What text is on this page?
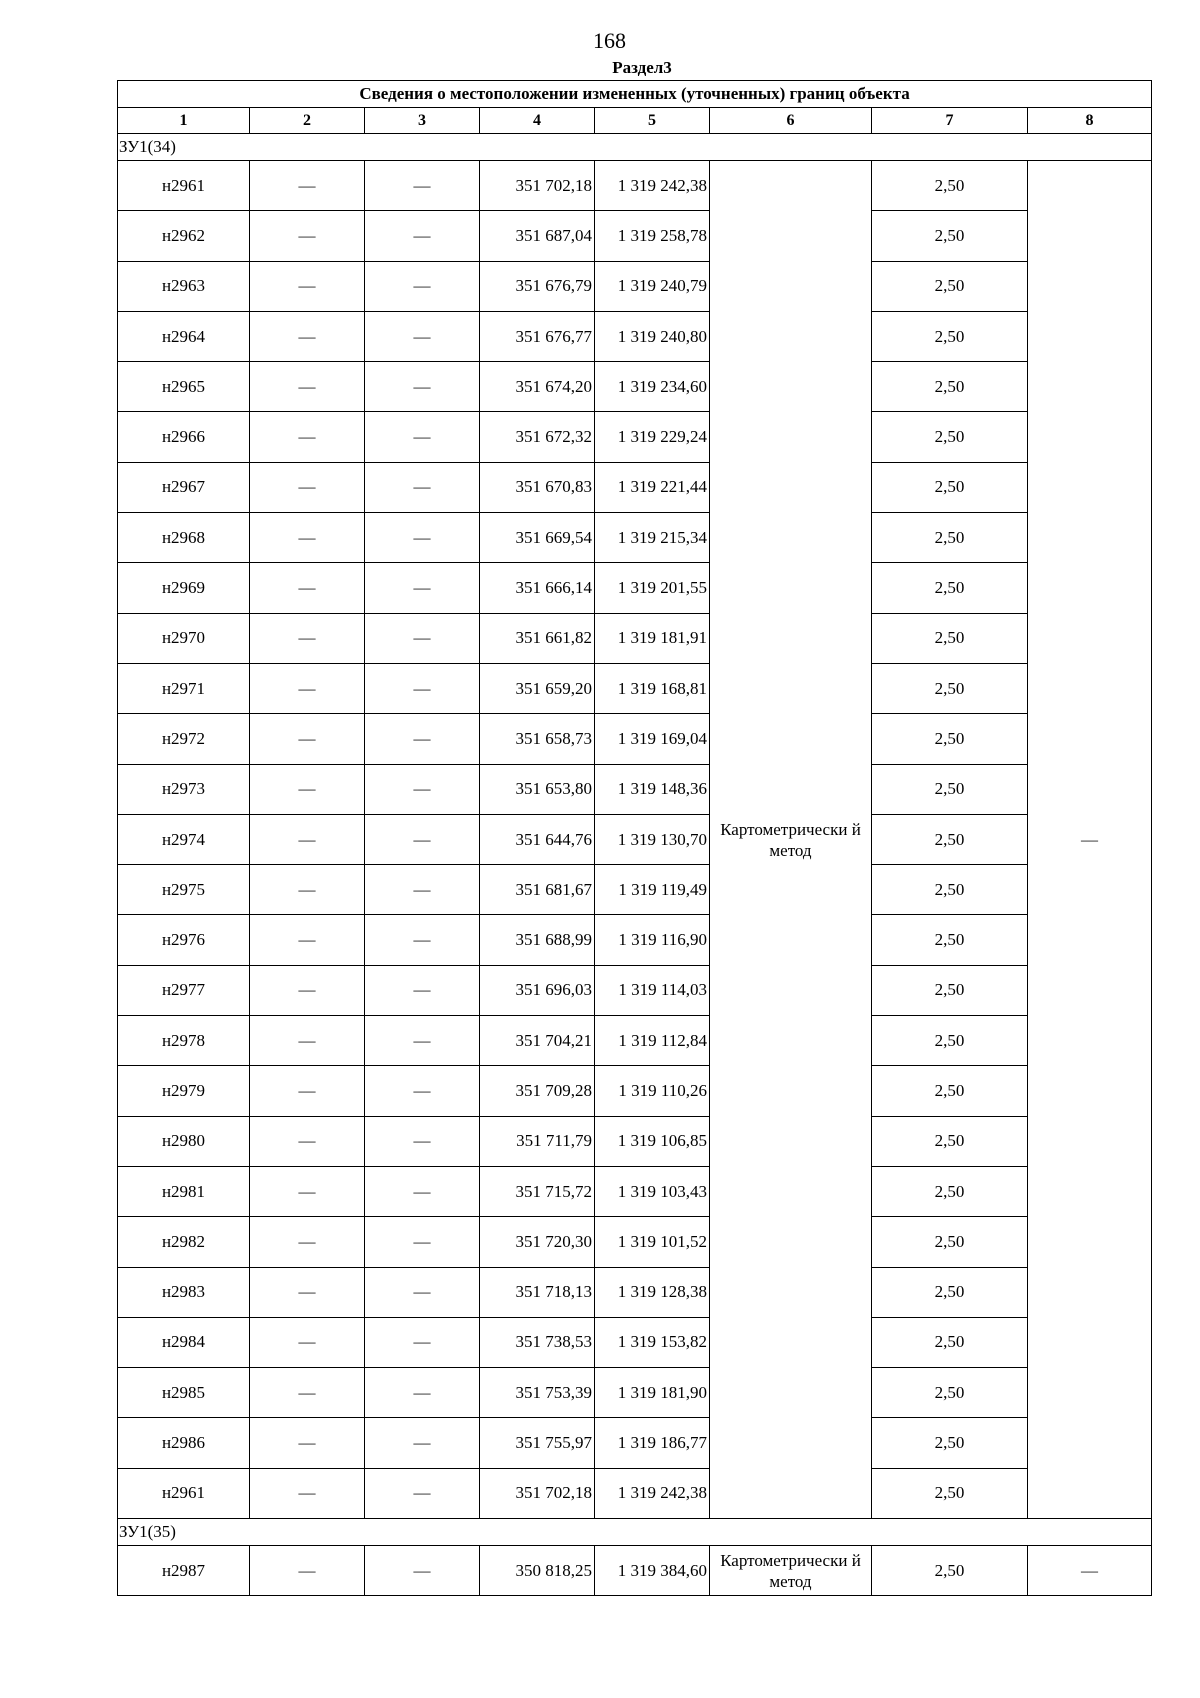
168
Раздел3
Сведения о местоположении измененных (уточненных) границ объекта							
1	2	3	4	5	6	7	8
ЗУ1(34)							
н2961	—	—	351 702,18	1 319 242,38	Картометрически й метод	2,50	—
н2962	—	—	351 687,04	1 319 258,78		2,50	
н2963	—	—	351 676,79	1 319 240,79		2,50	
н2964	—	—	351 676,77	1 319 240,80		2,50	
н2965	—	—	351 674,20	1 319 234,60		2,50	
н2966	—	—	351 672,32	1 319 229,24		2,50	
н2967	—	—	351 670,83	1 319 221,44		2,50	
н2968	—	—	351 669,54	1 319 215,34		2,50	
н2969	—	—	351 666,14	1 319 201,55		2,50	
н2970	—	—	351 661,82	1 319 181,91		2,50	
н2971	—	—	351 659,20	1 319 168,81		2,50	
н2972	—	—	351 658,73	1 319 169,04		2,50	
н2973	—	—	351 653,80	1 319 148,36		2,50	
н2974	—	—	351 644,76	1 319 130,70		2,50	
н2975	—	—	351 681,67	1 319 119,49		2,50	
н2976	—	—	351 688,99	1 319 116,90		2,50	
н2977	—	—	351 696,03	1 319 114,03		2,50	
н2978	—	—	351 704,21	1 319 112,84		2,50	
н2979	—	—	351 709,28	1 319 110,26		2,50	
н2980	—	—	351 711,79	1 319 106,85		2,50	
н2981	—	—	351 715,72	1 319 103,43		2,50	
н2982	—	—	351 720,30	1 319 101,52		2,50	
н2983	—	—	351 718,13	1 319 128,38		2,50	
н2984	—	—	351 738,53	1 319 153,82		2,50	
н2985	—	—	351 753,39	1 319 181,90		2,50	
н2986	—	—	351 755,97	1 319 186,77		2,50	
н2961	—	—	351 702,18	1 319 242,38		2,50	
ЗУ1(35)							
н2987	—	—	350 818,25	1 319 384,60	Картометрически й метод	2,50	—
